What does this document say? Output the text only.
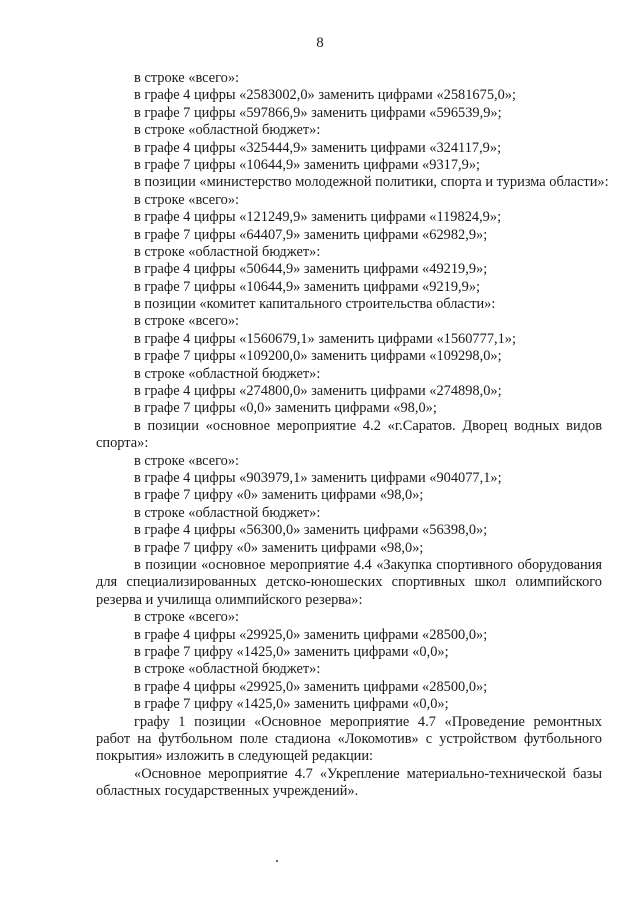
8
в строке «всего»:
в графе 4 цифры «2583002,0» заменить цифрами «2581675,0»;
в графе 7 цифры «597866,9» заменить цифрами «596539,9»;
в строке «областной бюджет»:
в графе 4 цифры «325444,9» заменить цифрами «324117,9»;
в графе 7 цифры «10644,9» заменить цифрами «9317,9»;
в позиции «министерство молодежной политики, спорта и туризма области»:
в строке «всего»:
в графе 4 цифры «121249,9» заменить цифрами «119824,9»;
в графе 7 цифры «64407,9» заменить цифрами «62982,9»;
в строке «областной бюджет»:
в графе 4 цифры «50644,9» заменить цифрами «49219,9»;
в графе 7 цифры «10644,9» заменить цифрами «9219,9»;
в позиции «комитет капитального строительства области»:
в строке «всего»:
в графе 4 цифры «1560679,1» заменить цифрами «1560777,1»;
в графе 7 цифры «109200,0» заменить цифрами «109298,0»;
в строке «областной бюджет»:
в графе 4 цифры «274800,0» заменить цифрами «274898,0»;
в графе 7 цифры «0,0» заменить цифрами «98,0»;
в позиции «основное мероприятие 4.2 «г.Саратов. Дворец водных видов спорта»:
в строке «всего»:
в графе 4 цифры «903979,1» заменить цифрами «904077,1»;
в графе 7 цифру «0» заменить цифрами «98,0»;
в строке «областной бюджет»:
в графе 4 цифры «56300,0» заменить цифрами «56398,0»;
в графе 7 цифру «0» заменить цифрами «98,0»;
в позиции «основное мероприятие 4.4 «Закупка спортивного оборудования для специализированных детско-юношеских спортивных школ олимпийского резерва и училища олимпийского резерва»:
в строке «всего»:
в графе 4 цифры «29925,0» заменить цифрами «28500,0»;
в графе 7 цифру «1425,0» заменить цифрами «0,0»;
в строке «областной бюджет»:
в графе 4 цифры «29925,0» заменить цифрами «28500,0»;
в графе 7 цифру «1425,0» заменить цифрами «0,0»;
графу 1 позиции «Основное мероприятие 4.7 «Проведение ремонтных работ на футбольном поле стадиона «Локомотив» с устройством футбольного покрытия» изложить в следующей редакции:
«Основное мероприятие 4.7 «Укрепление материально-технической базы областных государственных учреждений».
